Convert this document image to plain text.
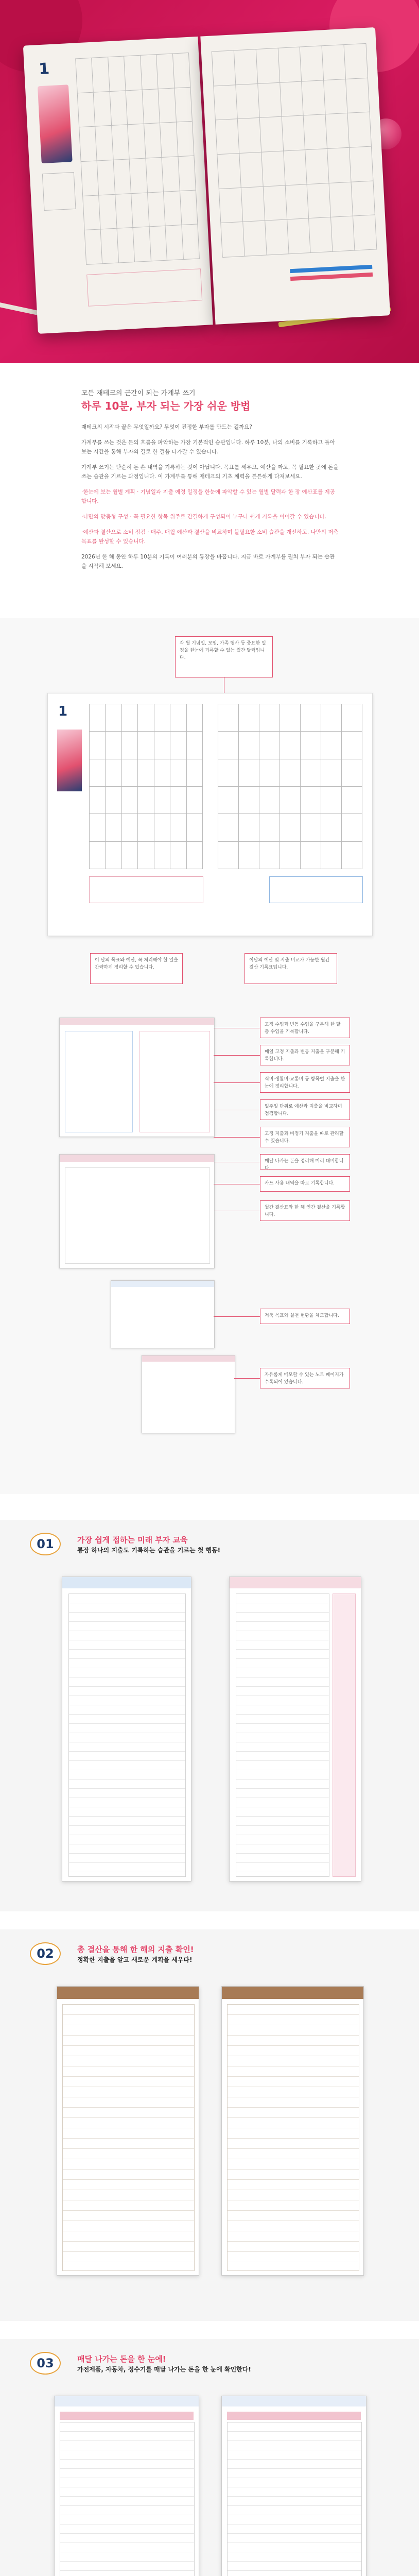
1
모든 재테크의 근간이 되는 가계부 쓰기
하루 10분, 부자 되는 가장 쉬운 방법

재테크의 시작과 끝은 무엇일까요? 무엇이 진정한 부자를 만드는 걸까요?

가계부를 쓰는 것은 돈의 흐름을 파악하는 가장 기본적인 습관입니다. 하루 10분, 나의 소비를 기록하고 돌아보는 시간을 통해 부자의 길로 한 걸음 다가갈 수 있습니다.

가계부 쓰기는 단순히 돈 쓴 내역을 기록하는 것이 아닙니다. 목표를 세우고, 예산을 짜고, 꼭 필요한 곳에 돈을 쓰는 습관을 기르는 과정입니다. 이 가계부를 통해 재테크의 기초 체력을 튼튼하게 다져보세요.

·한눈에 보는 월별 계획 · 기념일과 지출 예정 일정을 한눈에 파악할 수 있는 월별 달력과 한 장 예산표를 제공합니다.

·나만의 맞춤형 구성 · 꼭 필요한 항목 위주로 간결하게 구성되어 누구나 쉽게 기록을 이어갈 수 있습니다.

·예산과 결산으로 소비 점검 · 매주, 매월 예산과 결산을 비교하며 불필요한 소비 습관을 개선하고, 나만의 저축 목표를 완성할 수 있습니다.

2026년 한 해 동안 하루 10분의 기록이 여러분의 통장을 바꿉니다. 지금 바로 가계부를 펼쳐 부자 되는 습관을 시작해 보세요.

각 월 기념일, 모임, 가족 행사 등 중요한 일정을 한눈에 기록할 수 있는 월간 달력입니다.
1
이 달의 목표와 예산, 꼭 처리해야 할 일을 간략하게 정리할 수 있습니다.
이달의 예산 및 지출 비교가 가능한 월간 결산 기록표입니다.
고정 수입과 변동 수입을 구분해 한 달 총 수입을 기록합니다.
매일 고정 지출과 변동 지출을 구분해 기록합니다.
식비·생활비·교통비 등 항목별 지출을 한눈에 정리합니다.
일주일 단위로 예산과 지출을 비교하며 점검합니다.
고정 지출과 비정기 지출을 따로 관리할 수 있습니다.
매달 나가는 돈을 정리해 미리 대비합니다.
카드 사용 내역을 따로 기록합니다.
월간 결산표와 한 해 연간 결산을 기록합니다.
저축 목표와 실천 현황을 체크합니다.
자유롭게 메모할 수 있는 노트 페이지가 수록되어 있습니다.
01	가장 쉽게 접하는 미래 부자 교육
통장 하나의 지출도 기록하는 습관을 기르는 첫 행동!
02	총 결산을 통해 한 해의 지출 확인!
정확한 지출을 알고 새로운 계획을 세우다!
03	매달 나가는 돈을 한 눈에!
가전제품, 자동차, 정수기를 매달 나가는 돈을 한 눈에 확인한다!
